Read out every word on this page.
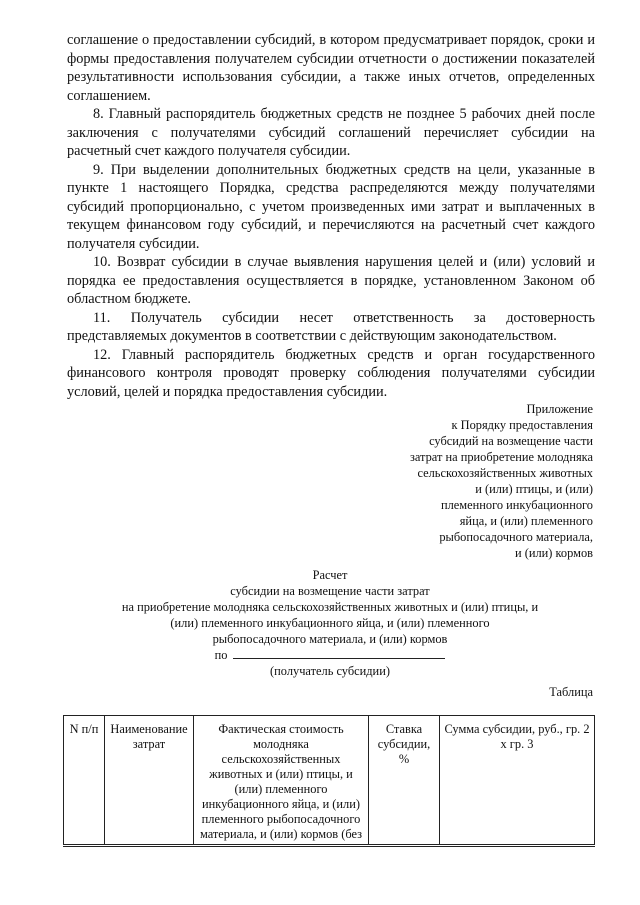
соглашение о предоставлении субсидий, в котором предусматривает порядок, сроки и формы предоставления получателем субсидии отчетности о достижении показателей результативности использования субсидии, а также иных отчетов, определенных соглашением.

8. Главный распорядитель бюджетных средств не позднее 5 рабочих дней после заключения с получателями субсидий соглашений перечисляет субсидии на расчетный счет каждого получателя субсидии.

9. При выделении дополнительных бюджетных средств на цели, указанные в пункте 1 настоящего Порядка, средства распределяются между получателями субсидий пропорционально, с учетом произведенных ими затрат и выплаченных в текущем финансовом году субсидий, и перечисляются на расчетный счет каждого получателя субсидии.

10. Возврат субсидии в случае выявления нарушения целей и (или) условий и порядка ее предоставления осуществляется в порядке, установленном Законом об областном бюджете.

11. Получатель субсидии несет ответственность за достоверность представляемых документов в соответствии с действующим законодательством.

12. Главный распорядитель бюджетных средств и орган государственного финансового контроля проводят проверку соблюдения получателями субсидии условий, целей и порядка предоставления субсидии.

Приложение
к Порядку предоставления
субсидий на возмещение части
затрат на приобретение молодняка
сельскохозяйственных животных
и (или) птицы, и (или)
племенного инкубационного
яйца, и (или) племенного
рыбопосадочного материала,
и (или) кормов
Расчет
субсидии на возмещение части затрат
на приобретение молодняка сельскохозяйственных животных и (или) птицы, и
(или) племенного инкубационного яйца, и (или) племенного
рыбопосадочного материала, и (или) кормов
по
(получатель субсидии)
Таблица
N п/п	Наименование затрат	Фактическая стоимость молодняка сельскохозяйственных животных и (или) птицы, и (или) племенного инкубационного яйца, и (или) племенного рыбопосадочного материала, и (или) кормов (без	Ставка субсидии, %	Сумма субсидии, руб., гр. 2 x гр. 3
